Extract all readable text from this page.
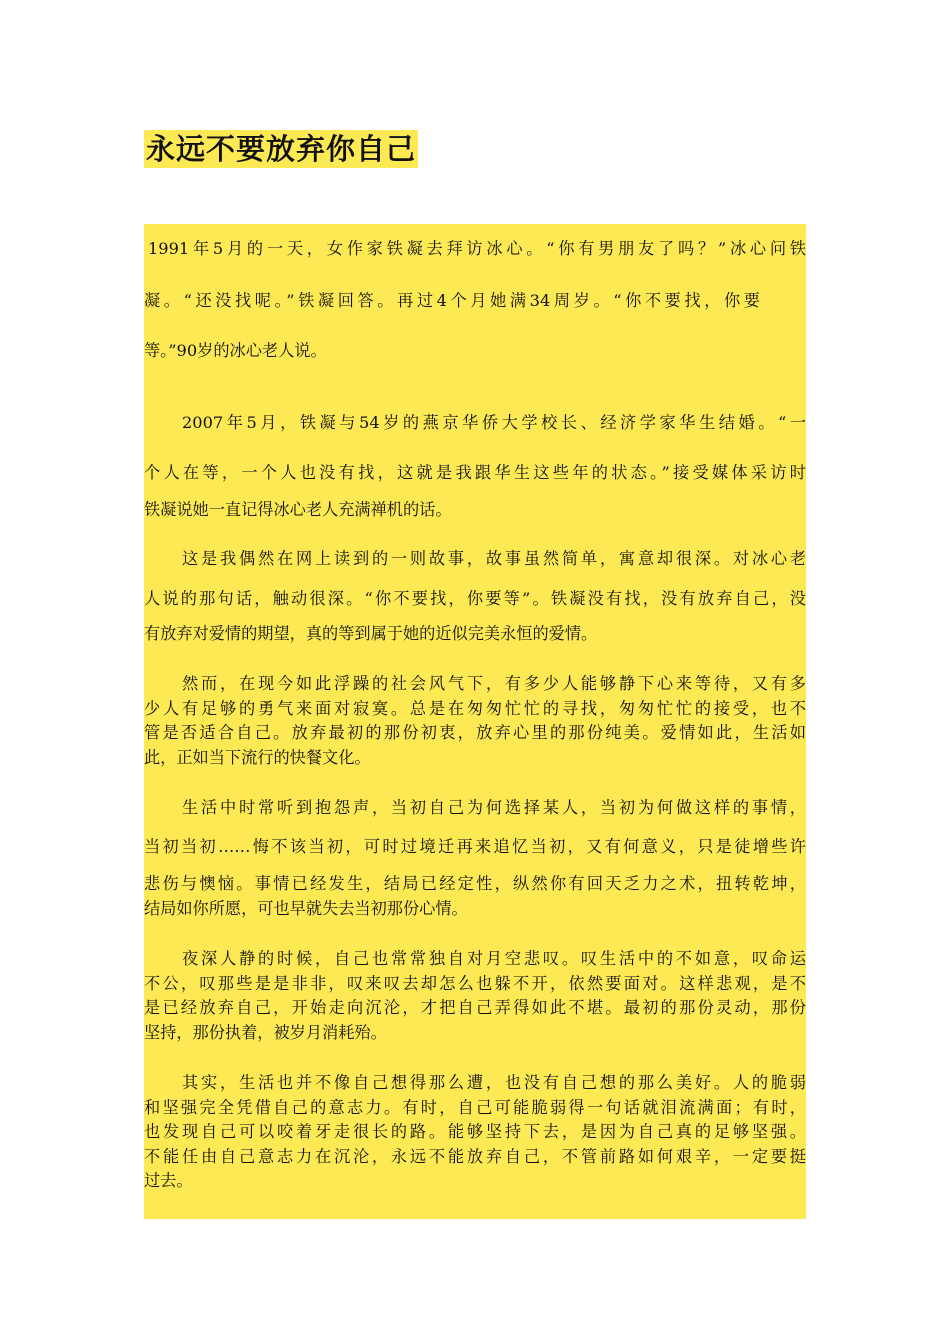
永远不要放弃你自己
1991年5月的一天，女作家铁凝去拜访冰心。“你有男朋友了吗？”冰心问铁
凝。“还没找呢。”铁凝回答。再过4个月她满34周岁。“你不要找，你要
等。”90岁的冰心老人说。
2007年5月，铁凝与54岁的燕京华侨大学校长、经济学家华生结婚。“一
个人在等，一个人也没有找，这就是我跟华生这些年的状态。”接受媒体采访时
铁凝说她一直记得冰心老人充满禅机的话。
这是我偶然在网上读到的一则故事，故事虽然简单，寓意却很深。对冰心老
人说的那句话，触动很深。“你不要找，你要等”。铁凝没有找，没有放弃自己，没
有放弃对爱情的期望，真的等到属于她的近似完美永恒的爱情。
然而，在现今如此浮躁的社会风气下，有多少人能够静下心来等待，又有多
少人有足够的勇气来面对寂寞。总是在匆匆忙忙的寻找，匆匆忙忙的接受，也不
管是否适合自己。放弃最初的那份初衷，放弃心里的那份纯美。爱情如此，生活如
此，正如当下流行的快餐文化。
生活中时常听到抱怨声，当初自己为何选择某人，当初为何做这样的事情，
当初当初……悔不该当初，可时过境迁再来追忆当初，又有何意义，只是徒增些许
悲伤与懊恼。事情已经发生，结局已经定性，纵然你有回天乏力之术，扭转乾坤，
结局如你所愿，可也早就失去当初那份心情。
夜深人静的时候，自己也常常独自对月空悲叹。叹生活中的不如意，叹命运
不公，叹那些是是非非，叹来叹去却怎么也躲不开，依然要面对。这样悲观，是不
是已经放弃自己，开始走向沉沦，才把自己弄得如此不堪。最初的那份灵动，那份
坚持，那份执着，被岁月消耗殆。
其实，生活也并不像自己想得那么遭，也没有自己想的那么美好。人的脆弱
和坚强完全凭借自己的意志力。有时，自己可能脆弱得一句话就泪流满面；有时，
也发现自己可以咬着牙走很长的路。能够坚持下去，是因为自己真的足够坚强。
不能任由自己意志力在沉沦，永远不能放弃自己，不管前路如何艰辛，一定要挺
过去。
